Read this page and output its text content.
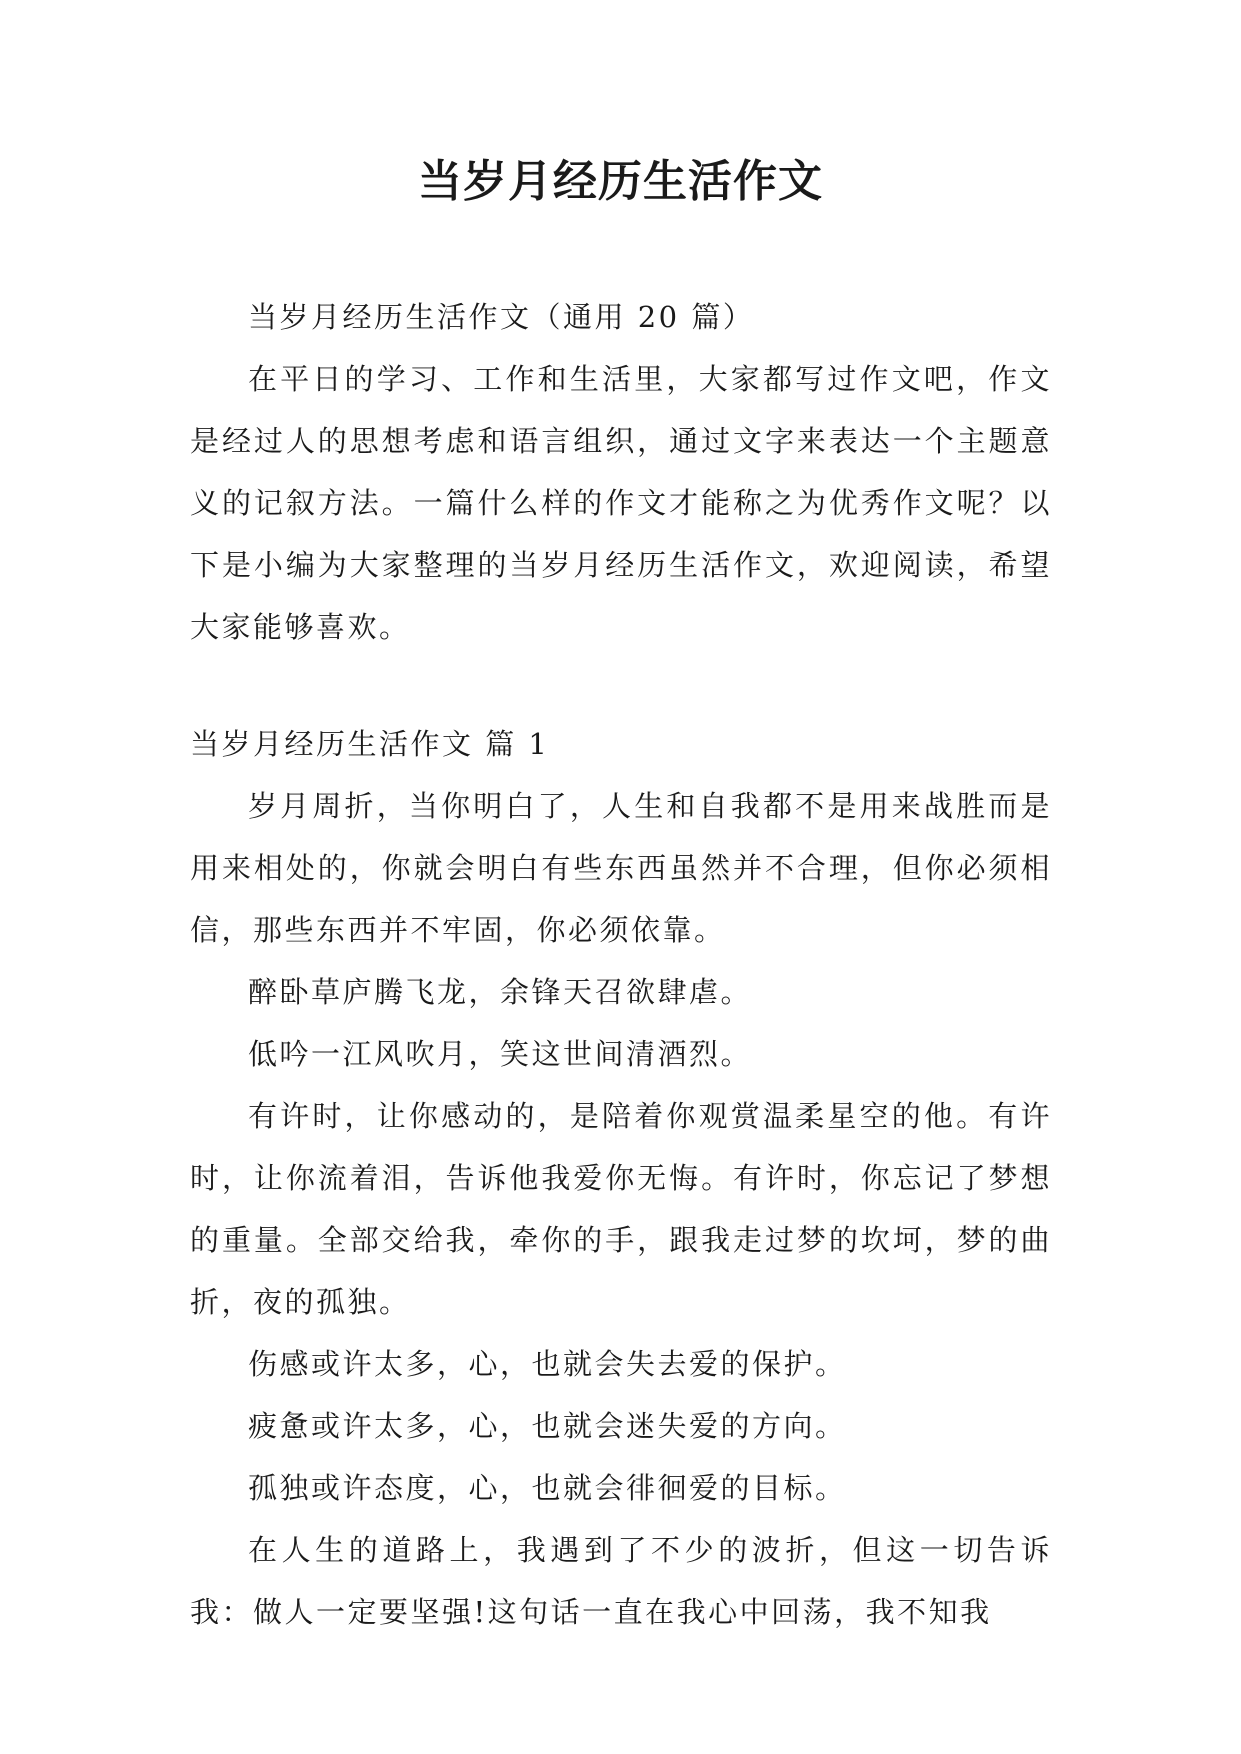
当岁月经历生活作文

当岁月经历生活作文（通用 20 篇）

在平日的学习、工作和生活里，大家都写过作文吧，作文是经过人的思想考虑和语言组织，通过文字来表达一个主题意义的记叙方法。一篇什么样的作文才能称之为优秀作文呢？以下是小编为大家整理的当岁月经历生活作文，欢迎阅读，希望大家能够喜欢。

当岁月经历生活作文 篇 1

岁月周折，当你明白了，人生和自我都不是用来战胜而是用来相处的，你就会明白有些东西虽然并不合理，但你必须相信，那些东西并不牢固，你必须依靠。

醉卧草庐腾飞龙，余锋天召欲肆虐。

低吟一江风吹月，笑这世间清酒烈。

有许时，让你感动的，是陪着你观赏温柔星空的他。有许时，让你流着泪，告诉他我爱你无悔。有许时，你忘记了梦想的重量。全部交给我，牵你的手，跟我走过梦的坎坷，梦的曲折，夜的孤独。

伤感或许太多，心，也就会失去爱的保护。

疲惫或许太多，心，也就会迷失爱的方向。

孤独或许态度，心，也就会徘徊爱的目标。

在人生的道路上，我遇到了不少的波折，但这一切告诉我：做人一定要坚强!这句话一直在我心中回荡，我不知我
